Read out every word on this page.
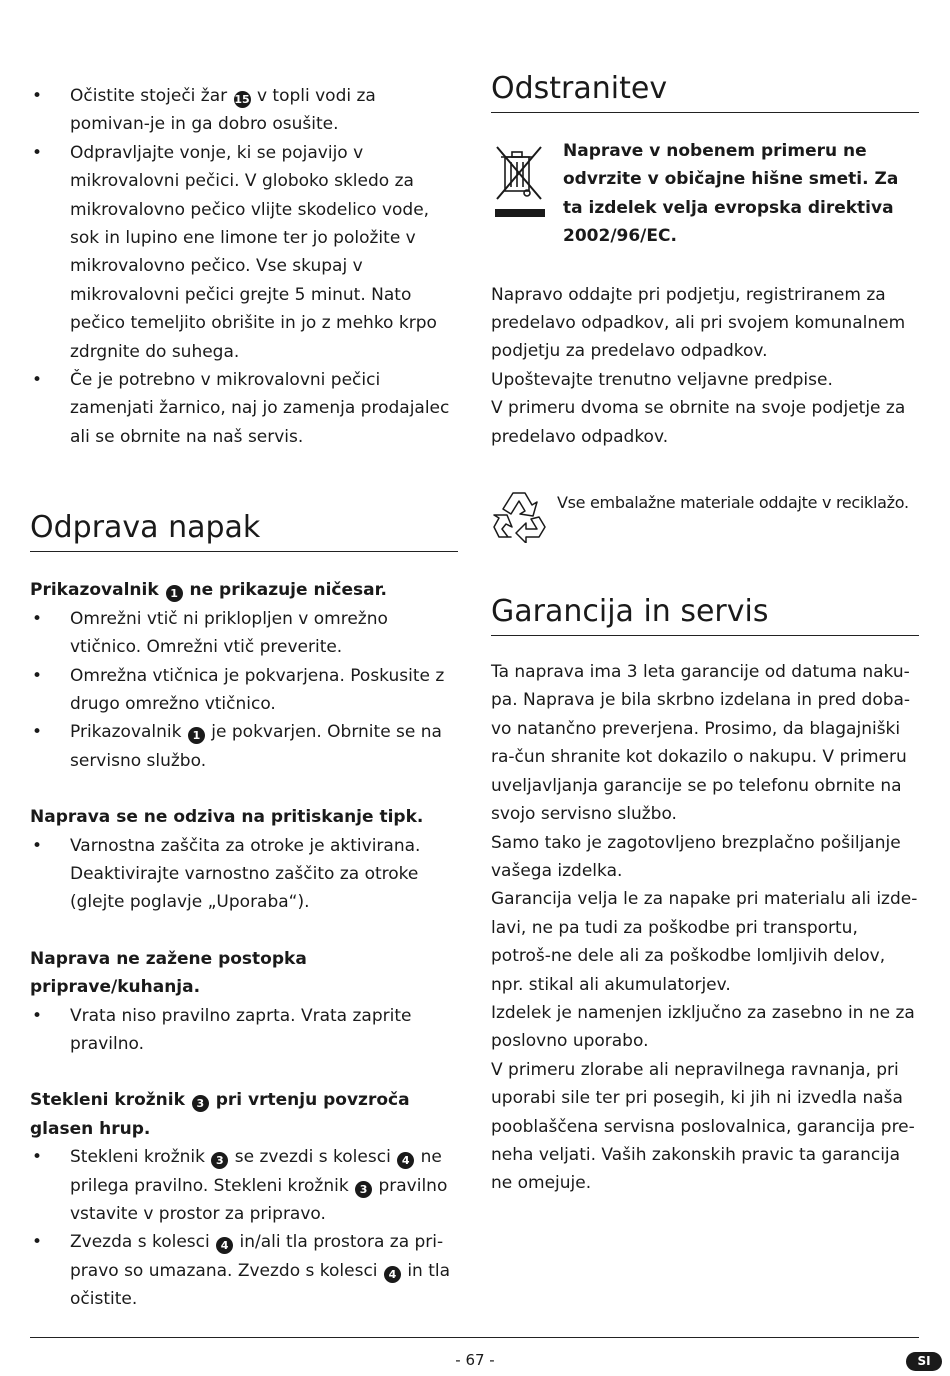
• Očistite stoječi žar 15 v topli vodi za pomivan-je in ga dobro osušite.
• Odpravljajte vonje, ki se pojavijo v mikrovalovni pečici. V globoko skledo za mikrovalovno pečico vlijte skodelico vode, sok in lupino ene limone ter jo položite v mikrovalovno pečico. Vse skupaj v mikrovalovni pečici grejte 5 minut. Nato pečico temeljito obrišite in jo z mehko krpo zdrgnite do suhega.
• Če je potrebno v mikrovalovni pečici zamenjati žarnico, naj jo zamenja prodajalec ali se obrnite na naš servis.
Odprava napak

Prikazovalnik 1 ne prikazuje ničesar.

• Omrežni vtič ni priklopljen v omrežno vtičnico. Omrežni vtič preverite.
• Omrežna vtičnica je pokvarjena. Poskusite z drugo omrežno vtičnico.
• Prikazovalnik 1 je pokvarjen. Obrnite se na servisno službo.

Naprava se ne odziva na pritiskanje tipk.

• Varnostna zaščita za otroke je aktivirana. Deaktivirajte varnostno zaščito za otroke (glejte poglavje „Uporaba“).

Naprava ne zažene postopka priprave/kuhanja.

• Vrata niso pravilno zaprta. Vrata zaprite pravilno.

Stekleni krožnik 3 pri vrtenju povzroča glasen hrup.

• Stekleni krožnik 3 se zvezdi s kolesci 4 ne prilega pravilno. Stekleni krožnik 3 pravilno vstavite v prostor za pripravo.
• Zvezda s kolesci 4 in/ali tla prostora za pri-pravo so umazana. Zvezdo s kolesci 4 in tla očistite.
Odstranitev
Naprave v nobenem primeru ne odvrzite v običajne hišne smeti. Za ta izdelek velja evropska direktiva 2002/96/EC.

Napravo oddajte pri podjetju, registriranem za predelavo odpadkov, ali pri svojem komunalnem podjetju za predelavo odpadkov.

Upoštevajte trenutno veljavne predpise.

V primeru dvoma se obrnite na svoje podjetje za predelavo odpadkov.

Vse embalažne materiale oddajte v reciklažo.
Garancija in servis

Ta naprava ima 3 leta garancije od datuma naku-pa. Naprava je bila skrbno izdelana in pred doba-vo natančno preverjena. Prosimo, da blagajniški ra-čun shranite kot dokazilo o nakupu. V primeru uveljavljanja garancije se po telefonu obrnite na svojo servisno službo.

Samo tako je zagotovljeno brezplačno pošiljanje vašega izdelka.

Garancija velja le za napake pri materialu ali izde-lavi, ne pa tudi za poškodbe pri transportu, potroš-ne dele ali za poškodbe lomljivih delov, npr. stikal ali akumulatorjev.

Izdelek je namenjen izključno za zasebno in ne za poslovno uporabo.

V primeru zlorabe ali nepravilnega ravnanja, pri uporabi sile ter pri posegih, ki jih ni izvedla naša pooblaščena servisna poslovalnica, garancija pre-neha veljati. Vaših zakonskih pravic ta garancija ne omejuje.

- 67 -	SI
